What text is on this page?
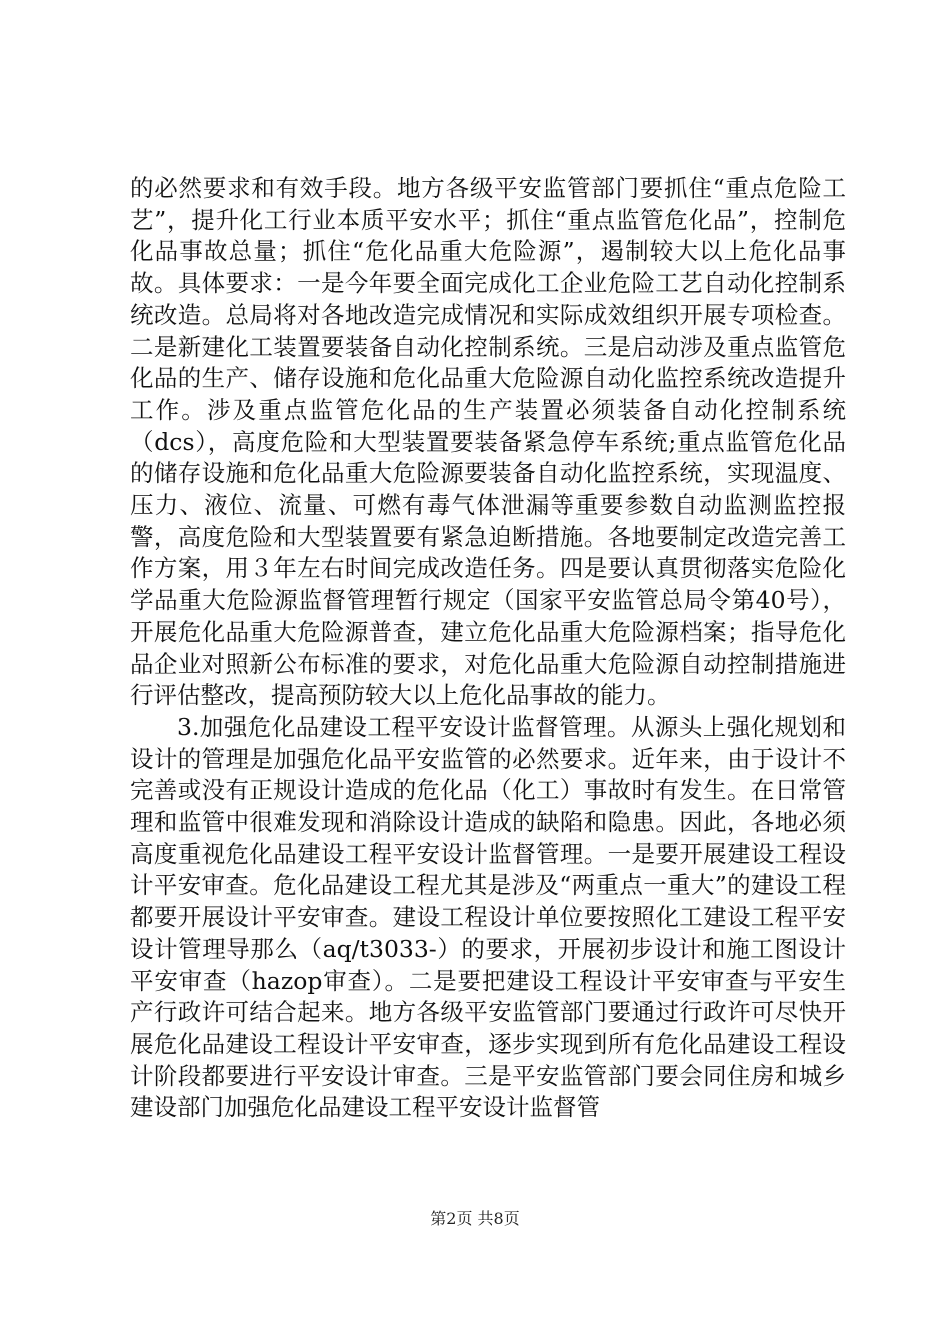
的必然要求和有效手段。地方各级平安监管部门要抓住“重点危险工艺”，提升化工行业本质平安水平；抓住“重点监管危化品”，控制危化品事故总量；抓住“危化品重大危险源”，遏制较大以上危化品事故。具体要求：一是今年要全面完成化工企业危险工艺自动化控制系统改造。总局将对各地改造完成情况和实际成效组织开展专项检查。二是新建化工装置要装备自动化控制系统。三是启动涉及重点监管危化品的生产、储存设施和危化品重大危险源自动化监控系统改造提升工作。涉及重点监管危化品的生产装置必须装备自动化控制系统（dcs），高度危险和大型装置要装备紧急停车系统;重点监管危化品的储存设施和危化品重大危险源要装备自动化监控系统，实现温度、压力、液位、流量、可燃有毒气体泄漏等重要参数自动监测监控报警，高度危险和大型装置要有紧急迫断措施。各地要制定改造完善工作方案，用３年左右时间完成改造任务。四是要认真贯彻落实危险化学品重大危险源监督管理暂行规定（国家平安监管总局令第40号），开展危化品重大危险源普查，建立危化品重大危险源档案；指导危化品企业对照新公布标准的要求，对危化品重大危险源自动控制措施进行评估整改，提高预防较大以上危化品事故的能力。

3.加强危化品建设工程平安设计监督管理。从源头上强化规划和设计的管理是加强危化品平安监管的必然要求。近年来，由于设计不完善或没有正规设计造成的危化品（化工）事故时有发生。在日常管理和监管中很难发现和消除设计造成的缺陷和隐患。因此，各地必须高度重视危化品建设工程平安设计监督管理。一是要开展建设工程设计平安审查。危化品建设工程尤其是涉及“两重点一重大”的建设工程都要开展设计平安审查。建设工程设计单位要按照化工建设工程平安设计管理导那么（aq/t3033-）的要求，开展初步设计和施工图设计平安审查（hazop审查）。二是要把建设工程设计平安审查与平安生产行政许可结合起来。地方各级平安监管部门要通过行政许可尽快开展危化品建设工程设计平安审查，逐步实现到所有危化品建设工程设计阶段都要进行平安设计审查。三是平安监管部门要会同住房和城乡建设部门加强危化品建设工程平安设计监督管

第2页 共8页
